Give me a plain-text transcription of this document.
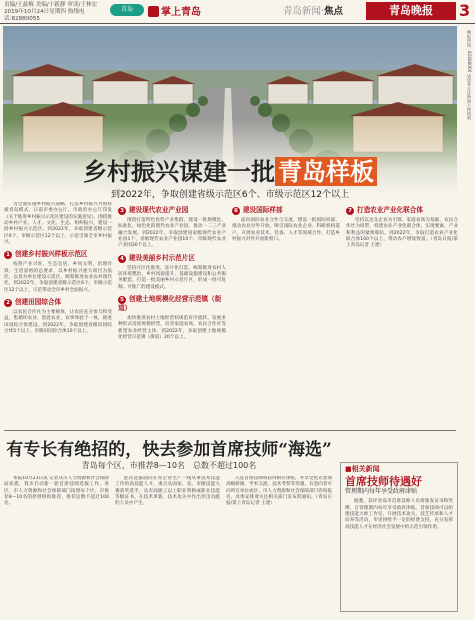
责编/王兹梅 美编/于新静 审读/王林宏
2019年10月24日星期四 热线电话:82880055
青岛	掌上青岛	青岛新闻·焦点	青岛晚报	3
晚报热线：82888000 请读者关注新闻人物线索
乡村振兴谋建一批 青岛样板
到2022年，争取创建省级示范区6个、市级示范区12个以上

为全面实施乡村振兴战略，打造乡村振兴齐鲁样板青岛模式，日前市委办公厅、市政府办公厅印发《关于推进乡村振兴示范区建设的实施意见》，围绕推动乡村产业、人才、文化、生态、组织振兴，建设一批乡村振兴示范区，到2022年，争取创建省级示范区6个、市级示范区12个以上，示范引领全市乡村振兴。

1 创建乡村振兴样板示范区

按照产业兴旺、生态宜居、乡风文明、治理有效、生活富裕的总要求，以乡村振兴重大项目为依托，以县为单位建设示范区，统筹推进农业农村现代化，到2022年，争取创建省级示范区6个、市级示范区12个以上，示范带动全市乡村全面振兴。

2 创建田园综合体

以农民合作社为主要载体，让农民充分参与和受益，集循环农业、创意农业、农事体验于一体，推进田园综合体建设。到2022年，争取创建省级田园综合体5个以上、市级田园综合体10个以上。

3 建设现代农业产业园

围绕打造特色优势产业集群，建设一批规模化、标准化、绿色化的现代农业产业园，推动一二三产业融合发展。到2022年，争取创建国家级现代农业产业园1个、省级现代农业产业园10个、市级现代农业产业园30个以上。

4 建设美丽乡村示范片区

坚持片区化推进、连片化打造，统筹推进农村人居环境整治、乡村风貌提升、基础设施建设和公共服务配套，打造一批美丽乡村示范片区，形成一批可复制、可推广的建设模式。

5 创建土地规模化经营示范镇（街道）

加快推进农村土地经营权规范有序流转，发展多种形式适度规模经营，培育家庭农场、农民合作社等新型农业经营主体。到2022年，争取创建土地规模化经营示范镇（街道）20个以上。

6 建设国际样部

面向国际农业合作与交流，建设一批国际样部，推动农业对外开放。吸引国际农业企业、科研机构落户，开展农业技术、装备、人才等领域合作，打造乡村振兴对外开放新窗口。

7 打造农业产业化联合体

坚持以龙头企业为引领、家庭农场为基础、农民合作社为纽带，构建农业产业化联合体，实现要素、产业和利益的紧密联结。到2022年，争取打造农业产业化联合体100个以上，带动农户增收致富。（青岛日报/掌上青岛记者 王建）

有专长有绝招的，快去参加首席技师“海选”
青岛每个区、市推荐8—10名　总数不超过100名

本报10月23日讯 记者从市人力资源和社会保障局获悉，我市启动新一轮首席技师选拔工作。各区、市人力资源和社会保障部门按照每个区、市推荐8—10名的原则组织推荐，推荐总数不超过100名。

此次选拔面向在青企业生产一线从事技术技能工作的高技能人才，重点从国家、省、市级技能大赛获奖选手，具有高级工以上职业资格或职业技能等级证书，在技术革新、技术攻关中作出突出贡献的人员中产生。

入选首席技师将获得相应津贴，并享受优先参加高级研修、学术交流、技术考察等待遇。有意向者可向所在单位或区、市人力资源和社会保障部门咨询报名，具体安排请关注相关部门发布的通知。（青岛日报/掌上青岛记者 王建）

■相关新闻
首席技师待遇好
管理期内每年享受政府津贴

据悉，获评青岛市首席技师人员将颁发证书和奖牌，在管理期内每年享受政府津贴。首席技师可以组建技能大师工作室，开展技术攻关、技艺传承和人才培养等活动，市里将给予一定的经费支持，充分发挥高技能人才在经济社会发展中的示范引领作用。
